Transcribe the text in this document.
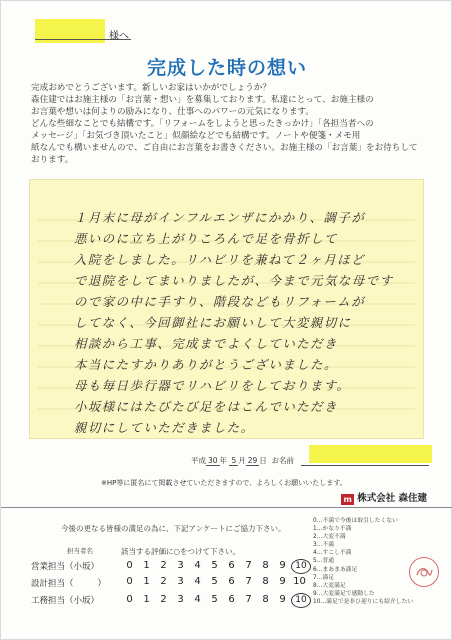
様へ
完成した時の想い

完成おめでとうございます。新しいお家はいかがでしょうか？

森住建ではお施主様の「お言葉・想い」を募集しております。私達にとって、お施主様の

お言葉や想いは何よりの励みになり、仕事へのパワーの元気になります。

どんな些細なことでも結構です。「リフォームをしようと思ったきっかけ」「各担当者への

メッセージ」「お気づき頂いたこと」似顔絵などでも結構です。ノートや便箋・メモ用

紙なんでも構いませんので、ご自由にお言葉をお書きください。お施主様の「お言葉」をお待ちして

おります。

１月末に母がインフルエンザにかかり、調子が
悪いのに立ち上がりころんで足を骨折して
入院をしました。リハビリを兼ねて２ヶ月ほど
で退院をしてまいりましたが、今まで元気な母です
ので家の中に手すり、階段などもリフォームが
してなく、今回御社にお願いして大変親切に
相談から工事、完成までよくしていただき
本当にたすかりありがとうございました。
母も毎日歩行器でリハビリをしております。
小坂様にはたびたび足をはこんでいただき
親切にしていただきました。
平成 30 年 5 月 29 日 お名前
※HP等に匿名にて掲載させていただきますので、よろしくお願いいたします。
m 株式会社 森住建
今後の更なる皆様の満足の為に、下記アンケートにご協力下さい。
担当者名	該当する評価に○をつけて下さい。
営業担当（小坂）	0 1 2 3 4 5 6 7 8 9 10
設計担当（	）	0 1 2 3 4 5 6 7 8 9 10
工務担当（小坂）	0 1 2 3 4 5 6 7 8 9 10
0…不満で今後は取引したくない
1…かなり不満
2…大変不満
3…不満
4…すこし不満
5…普通
6…まあまあ満足
7…満足
8…大変満足
9…大変満足で感動した
10…満足で是非ひ迎りにも紹介したい
